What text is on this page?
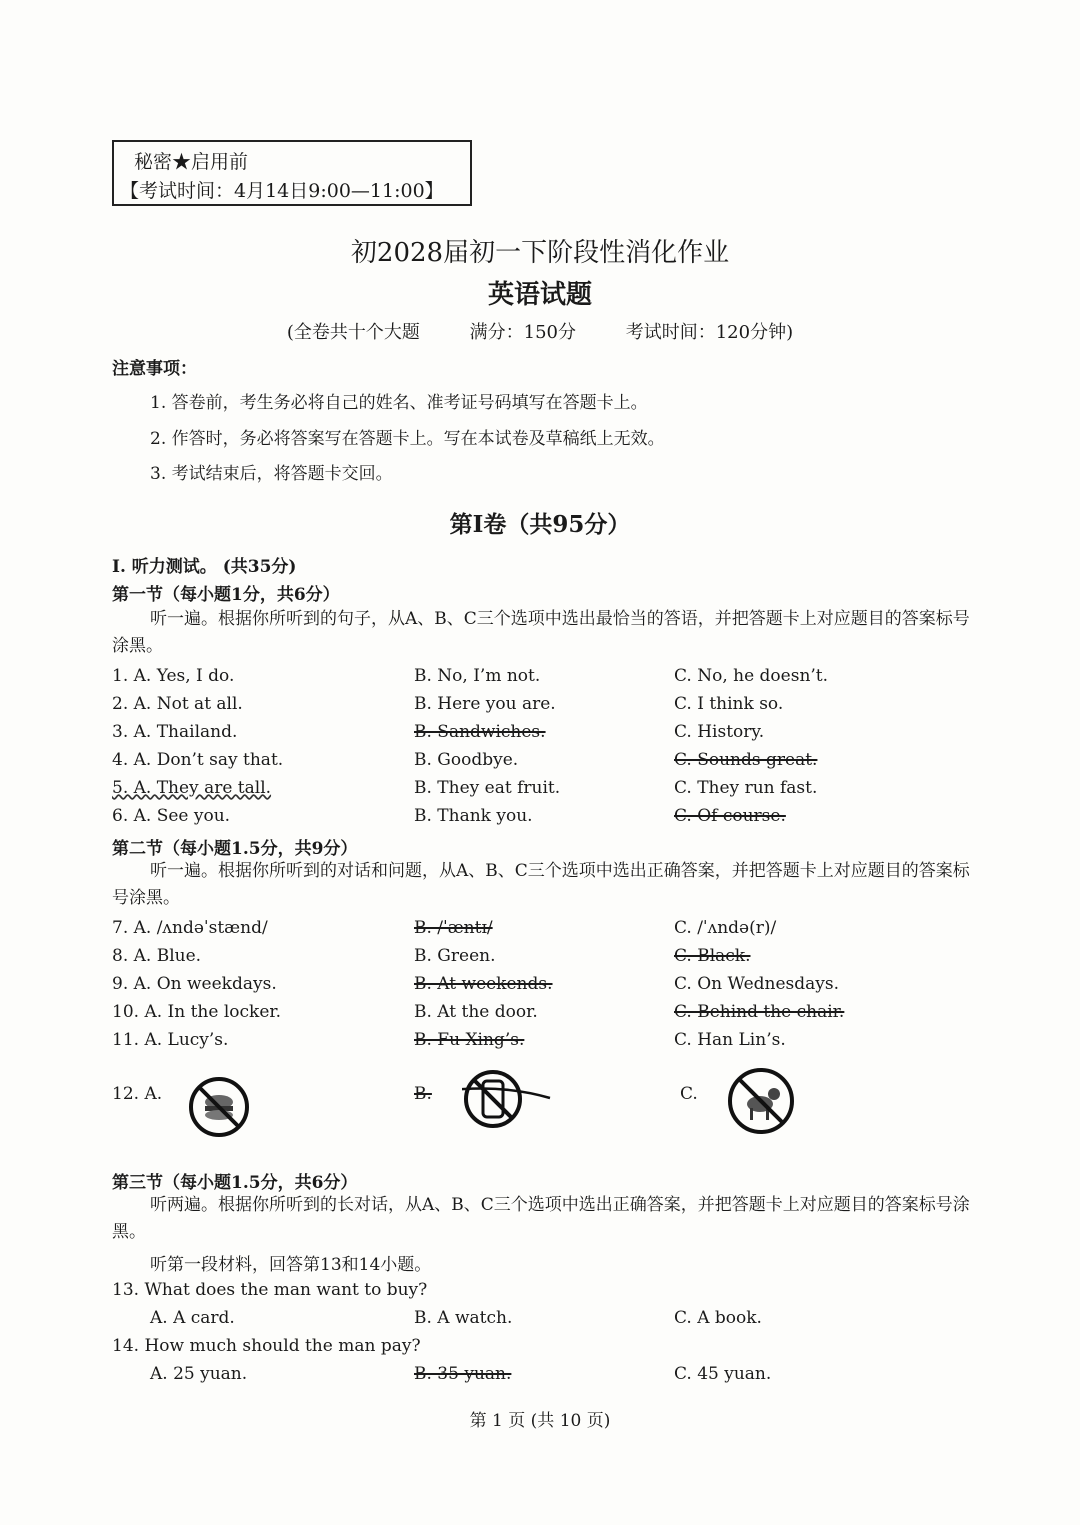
秘密★启用前
【考试时间：4月14日9:00—11:00】
初2028届初一下阶段性消化作业
英语试题
(全卷共十个大题	满分：150分	考试时间：120分钟)
注意事项：
1. 答卷前，考生务必将自己的姓名、准考证号码填写在答题卡上。
2. 作答时，务必将答案写在答题卡上。写在本试卷及草稿纸上无效。
3. 考试结束后，将答题卡交回。
第I卷（共95分）
I. 听力测试。 (共35分)
第一节（每小题1分，共6分）
听一遍。根据你所听到的句子，从A、B、C三个选项中选出最恰当的答语，并把答题卡上对应题目的答案标号涂黑。
1. A. Yes, I do.	B. No, I’m not.	C. No, he doesn’t.
2. A. Not at all.	B. Here you are.	C. I think so.
3. A. Thailand.	B. Sandwiches.	C. History.
4. A. Don’t say that.	B. Goodbye.	C. Sounds great.
5. A. They are tall.	B. They eat fruit.	C. They run fast.
6. A. See you.	B. Thank you.	C. Of course.
第二节（每小题1.5分，共9分）
听一遍。根据你所听到的对话和问题，从A、B、C三个选项中选出正确答案，并把答题卡上对应题目的答案标号涂黑。
7. A. /ʌndəˈstænd/	B. /ˈæntɪ/	C. /ˈʌndə(r)/
8. A. Blue.	B. Green.	C. Black.
9. A. On weekdays.	B. At weekends.	C. On Wednesdays.
10. A. In the locker.	B. At the door.	C. Behind the chair.
11. A. Lucy’s.	B. Fu Xing’s.	C. Han Lin’s.
12. A.	B.	C.
第三节（每小题1.5分，共6分）
听两遍。根据你所听到的长对话，从A、B、C三个选项中选出正确答案，并把答题卡上对应题目的答案标号涂黑。
听第一段材料，回答第13和14小题。
13. What does the man want to buy?
A. A card.	B. A watch.	C. A book.
14. How much should the man pay?
A. 25 yuan.	B. 35 yuan.	C. 45 yuan.
第 1 页 (共 10 页)
